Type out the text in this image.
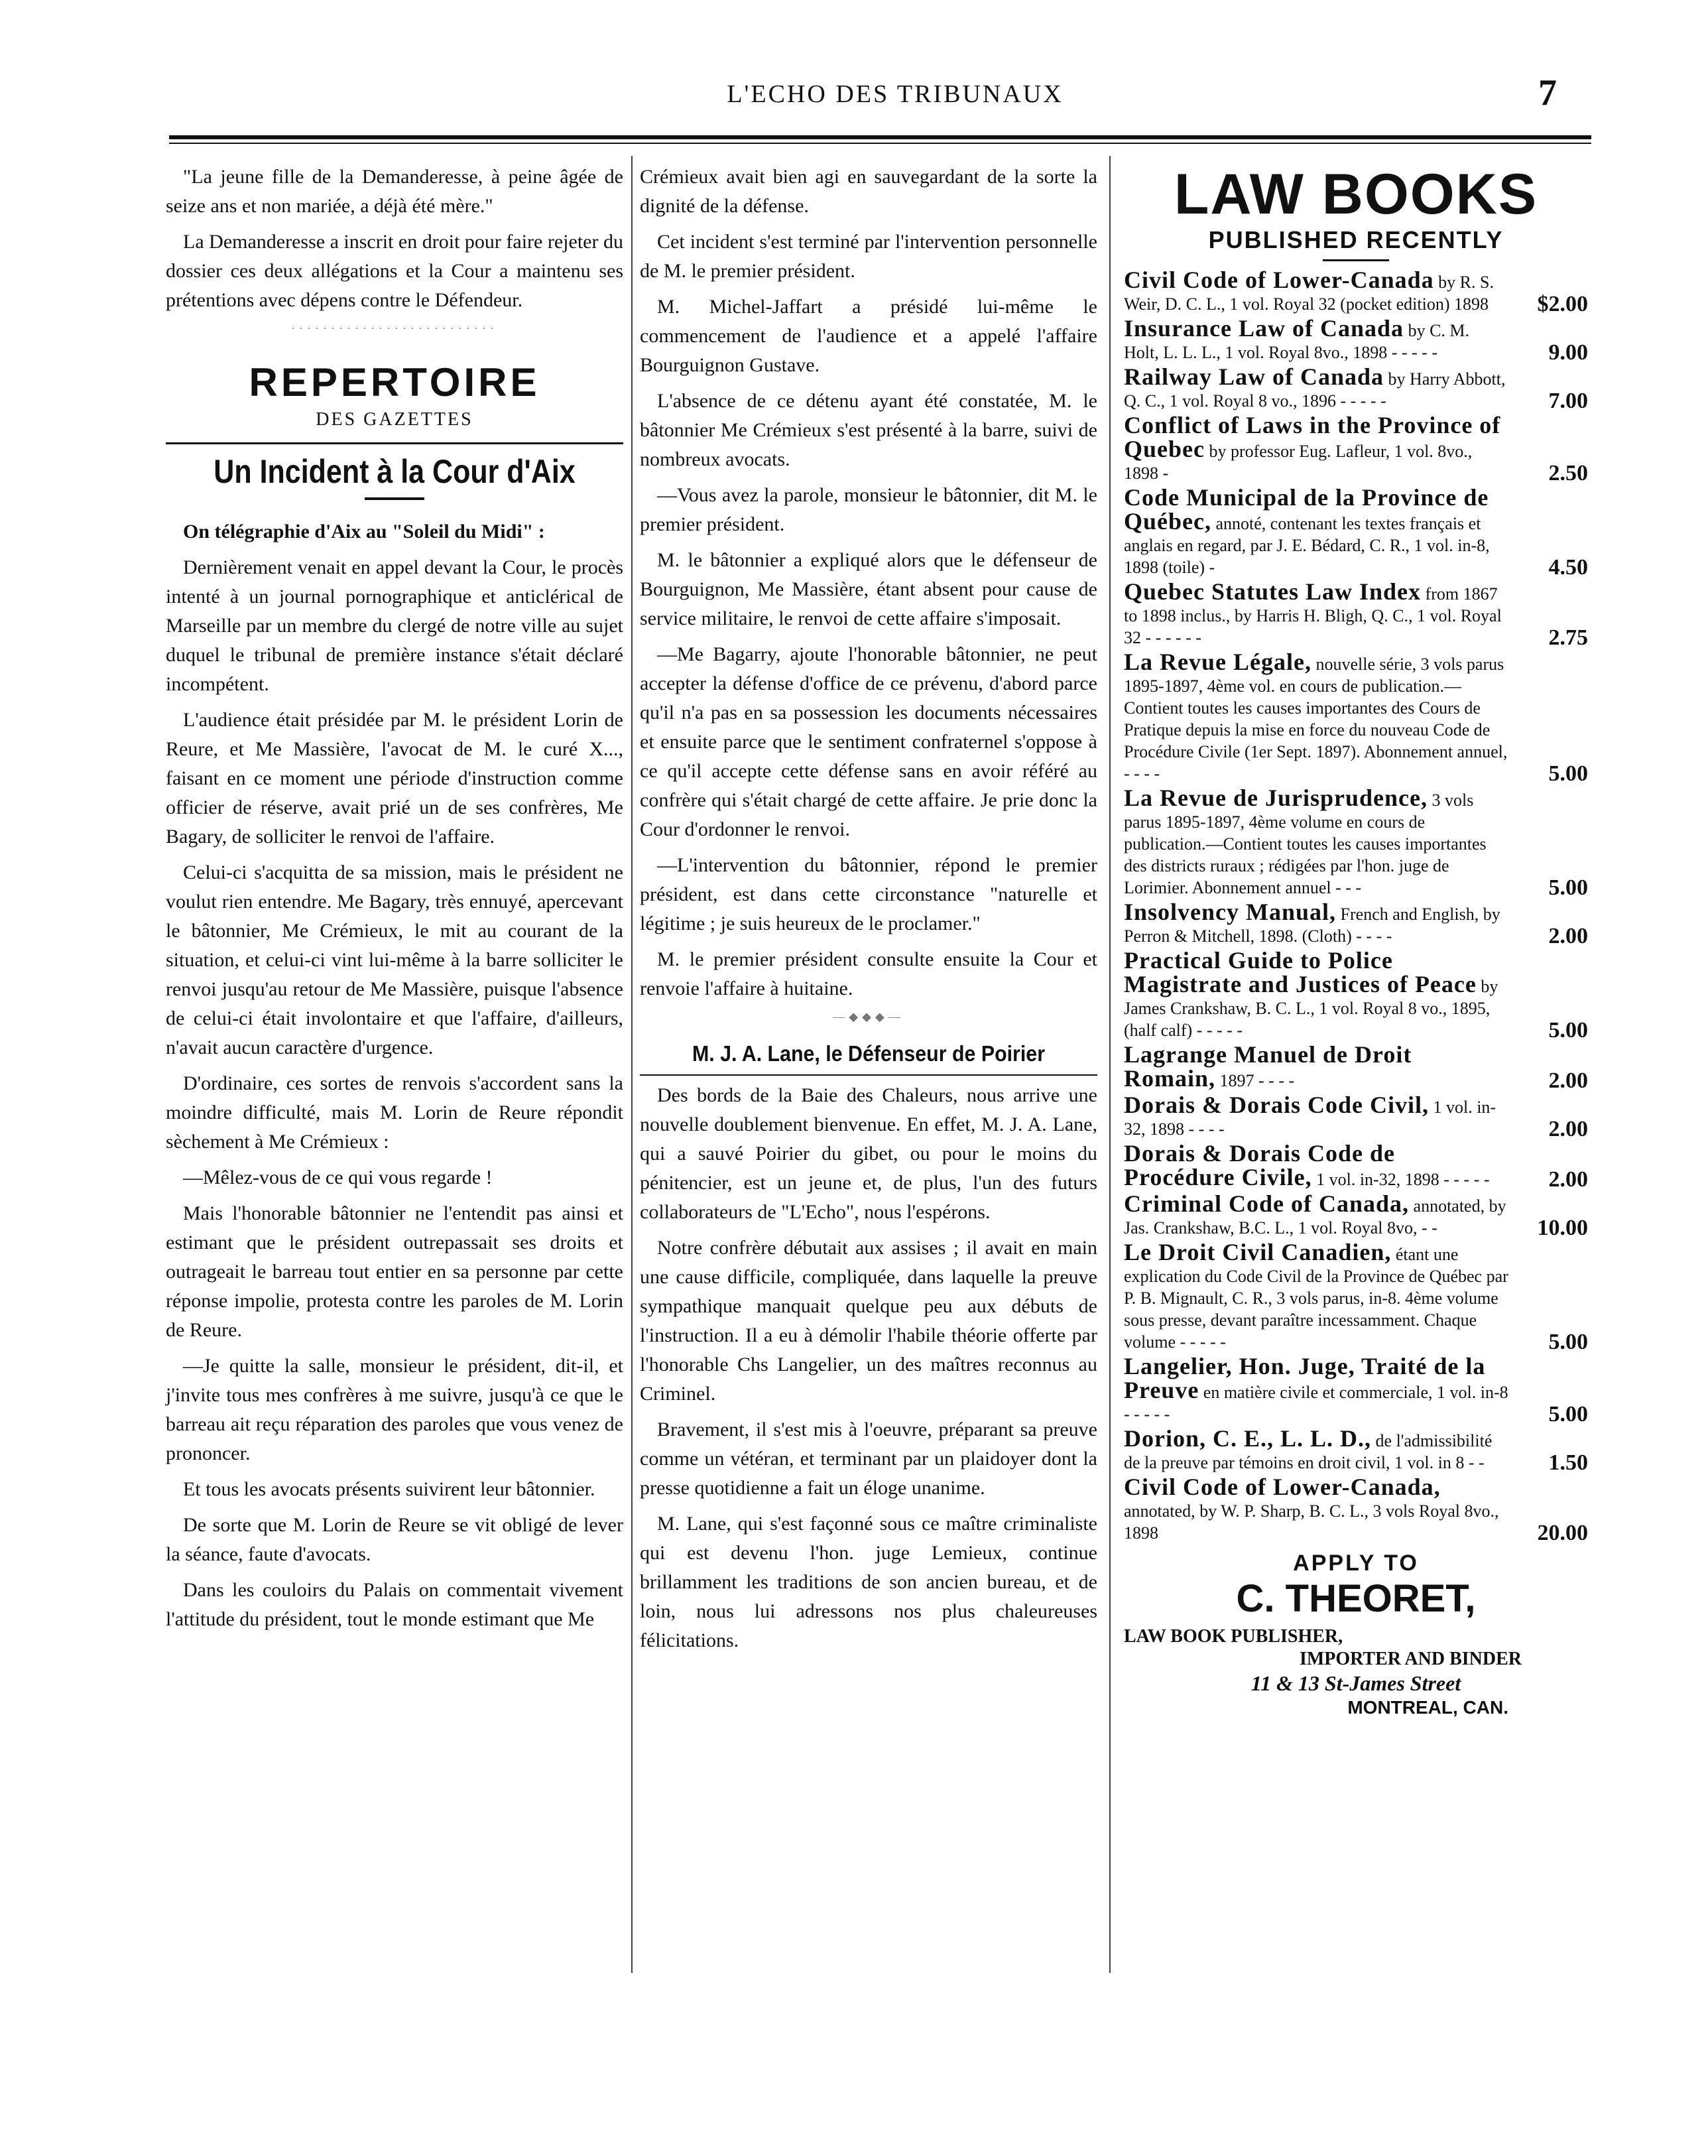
L'ECHO DES TRIBUNAUX	7

"La jeune fille de la Demanderesse, à peine âgée de seize ans et non mariée, a déjà été mère."

La Demanderesse a inscrit en droit pour faire rejeter du dossier ces deux allégations et la Cour a maintenu ses prétentions avec dépens contre le Défendeur.

··························
REPERTOIRE
DES GAZETTES
Un Incident à la Cour d'Aix

On télégraphie d'Aix au "Soleil du Midi" :

Dernièrement venait en appel devant la Cour, le procès intenté à un journal pornographique et anticlérical de Marseille par un membre du clergé de notre ville au sujet duquel le tribunal de première instance s'était déclaré incompétent.

L'audience était présidée par M. le président Lorin de Reure, et Me Massière, l'avocat de M. le curé X..., faisant en ce moment une période d'instruction comme officier de réserve, avait prié un de ses confrères, Me Bagary, de solliciter le renvoi de l'affaire.

Celui-ci s'acquitta de sa mission, mais le président ne voulut rien entendre. Me Bagary, très ennuyé, apercevant le bâtonnier, Me Crémieux, le mit au courant de la situation, et celui-ci vint lui-même à la barre solliciter le renvoi jusqu'au retour de Me Massière, puisque l'absence de celui-ci était involontaire et que l'affaire, d'ailleurs, n'avait aucun caractère d'urgence.

D'ordinaire, ces sortes de renvois s'accordent sans la moindre difficulté, mais M. Lorin de Reure répondit sèchement à Me Crémieux :

—Mêlez-vous de ce qui vous regarde !

Mais l'honorable bâtonnier ne l'entendit pas ainsi et estimant que le président outrepassait ses droits et outrageait le barreau tout entier en sa personne par cette réponse impolie, protesta contre les paroles de M. Lorin de Reure.

—Je quitte la salle, monsieur le président, dit-il, et j'invite tous mes confrères à me suivre, jusqu'à ce que le barreau ait reçu réparation des paroles que vous venez de prononcer.

Et tous les avocats présents suivirent leur bâtonnier.

De sorte que M. Lorin de Reure se vit obligé de lever la séance, faute d'avocats.

Dans les couloirs du Palais on commentait vivement l'attitude du président, tout le monde estimant que Me

Crémieux avait bien agi en sauvegardant de la sorte la dignité de la défense.

Cet incident s'est terminé par l'intervention personnelle de M. le premier président.

M. Michel-Jaffart a présidé lui-même le commencement de l'audience et a appelé l'affaire Bourguignon Gustave.

L'absence de ce détenu ayant été constatée, M. le bâtonnier Me Crémieux s'est présenté à la barre, suivi de nombreux avocats.

—Vous avez la parole, monsieur le bâtonnier, dit M. le premier président.

M. le bâtonnier a expliqué alors que le défenseur de Bourguignon, Me Massière, étant absent pour cause de service militaire, le renvoi de cette affaire s'imposait.

—Me Bagarry, ajoute l'honorable bâtonnier, ne peut accepter la défense d'office de ce prévenu, d'abord parce qu'il n'a pas en sa possession les documents nécessaires et ensuite parce que le sentiment confraternel s'oppose à ce qu'il accepte cette défense sans en avoir référé au confrère qui s'était chargé de cette affaire. Je prie donc la Cour d'ordonner le renvoi.

—L'intervention du bâtonnier, répond le premier président, est dans cette circonstance "naturelle et légitime ; je suis heureux de le proclamer."

M. le premier président consulte ensuite la Cour et renvoie l'affaire à huitaine.

—◆◆◆—
M. J. A. Lane, le Défenseur de Poirier

Des bords de la Baie des Chaleurs, nous arrive une nouvelle doublement bienvenue. En effet, M. J. A. Lane, qui a sauvé Poirier du gibet, ou pour le moins du pénitencier, est un jeune et, de plus, l'un des futurs collaborateurs de "L'Echo", nous l'espérons.

Notre confrère débutait aux assises ; il avait en main une cause difficile, compliquée, dans laquelle la preuve sympathique manquait quelque peu aux débuts de l'instruction. Il a eu à démolir l'habile théorie offerte par l'honorable Chs Langelier, un des maîtres reconnus au Criminel.

Bravement, il s'est mis à l'oeuvre, préparant sa preuve comme un vétéran, et terminant par un plaidoyer dont la presse quotidienne a fait un éloge unanime.

M. Lane, qui s'est façonné sous ce maître criminaliste qui est devenu l'hon. juge Lemieux, continue brillamment les traditions de son ancien bureau, et de loin, nous lui adressons nos plus chaleureuses félicitations.

LAW BOOKS
PUBLISHED RECENTLY
Civil Code of Lower-Canada by R. S. Weir, D. C. L., 1 vol. Royal 32 (pocket edition) 1898 $2.00
Insurance Law of Canada by C. M. Holt, L. L. L., 1 vol. Royal 8vo., 1898 - - - - -	9.00
Railway Law of Canada by Harry Abbott, Q. C., 1 vol. Royal 8 vo., 1896 - - - - -	7.00
Conflict of Laws in the Province of Quebec by professor Eug. Lafleur, 1 vol. 8vo., 1898 -	2.50
Code Municipal de la Province de Québec, annoté, contenant les textes français et anglais en regard, par J. E. Bédard, C. R., 1 vol. in-8, 1898 (toile) -	4.50
Quebec Statutes Law Index from 1867 to 1898 inclus., by Harris H. Bligh, Q. C., 1 vol. Royal 32 - - - - - -	2.75
La Revue Légale, nouvelle série, 3 vols parus 1895-1897, 4ème vol. en cours de publication.—Contient toutes les causes importantes des Cours de Pratique depuis la mise en force du nouveau Code de Procédure Civile (1er Sept. 1897). Abonnement annuel, - - - -	5.00
La Revue de Jurisprudence, 3 vols parus 1895-1897, 4ème volume en cours de publication.—Contient toutes les causes importantes des districts ruraux ; rédigées par l'hon. juge de Lorimier. Abonnement annuel - - -	5.00
Insolvency Manual, French and English, by Perron & Mitchell, 1898. (Cloth) - - - -	2.00
Practical Guide to Police Magistrate and Justices of Peace by James Crankshaw, B. C. L., 1 vol. Royal 8 vo., 1895, (half calf) - - - - -	5.00
Lagrange Manuel de Droit Romain, 1897 - - - -	2.00
Dorais & Dorais Code Civil, 1 vol. in-32, 1898 - - - -	2.00
Dorais & Dorais Code de Procédure Civile, 1 vol. in-32, 1898 - - - - -	2.00
Criminal Code of Canada, annotated, by Jas. Crankshaw, B.C. L., 1 vol. Royal 8vo, - -	10.00
Le Droit Civil Canadien, étant une explication du Code Civil de la Province de Québec par P. B. Mignault, C. R., 3 vols parus, in-8. 4ème volume sous presse, devant paraître incessamment. Chaque volume - - - - -	5.00
Langelier, Hon. Juge, Traité de la Preuve en matière civile et commerciale, 1 vol. in-8 - - - - -	5.00
Dorion, C. E., L. L. D., de l'admissibilité de la preuve par témoins en droit civil, 1 vol. in 8 - -	1.50
Civil Code of Lower-Canada, annotated, by W. P. Sharp, B. C. L., 3 vols Royal 8vo., 1898	20.00
APPLY TO
C. THEORET,
LAW BOOK PUBLISHER,
IMPORTER AND BINDER
11 & 13 St-James Street
MONTREAL, CAN.
